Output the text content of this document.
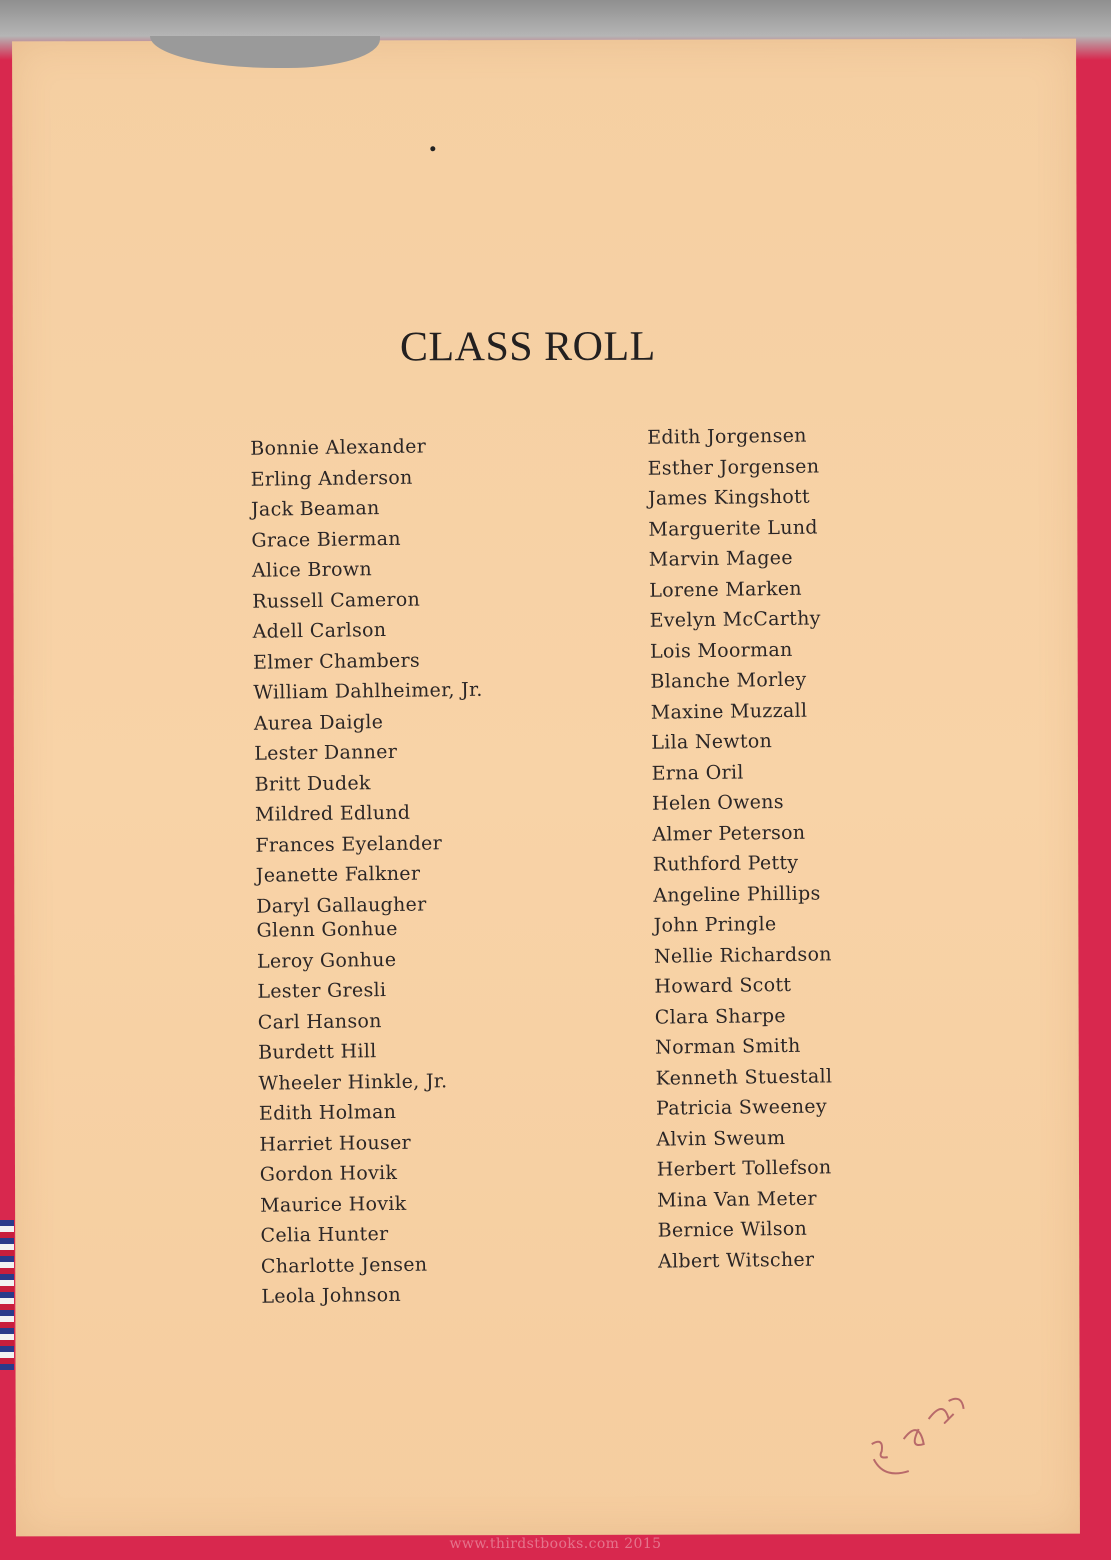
CLASS ROLL
Bonnie Alexander
Erling Anderson
Jack Beaman
Grace Bierman
Alice Brown
Russell Cameron
Adell Carlson
Elmer Chambers
William Dahlheimer, Jr.
Aurea Daigle
Lester Danner
Britt Dudek
Mildred Edlund
Frances Eyelander
Jeanette Falkner
Daryl Gallaugher
Glenn Gonhue
Leroy Gonhue
Lester Gresli
Carl Hanson
Burdett Hill
Wheeler Hinkle, Jr.
Edith Holman
Harriet Houser
Gordon Hovik
Maurice Hovik
Celia Hunter
Charlotte Jensen
Leola Johnson
Edith Jorgensen
Esther Jorgensen
James Kingshott
Marguerite Lund
Marvin Magee
Lorene Marken
Evelyn McCarthy
Lois Moorman
Blanche Morley
Maxine Muzzall
Lila Newton
Erna Oril
Helen Owens
Almer Peterson
Ruthford Petty
Angeline Phillips
John Pringle
Nellie Richardson
Howard Scott
Clara Sharpe
Norman Smith
Kenneth Stuestall
Patricia Sweeney
Alvin Sweum
Herbert Tollefson
Mina Van Meter
Bernice Wilson
Albert Witscher
www.thirdstbooks.com 2015
